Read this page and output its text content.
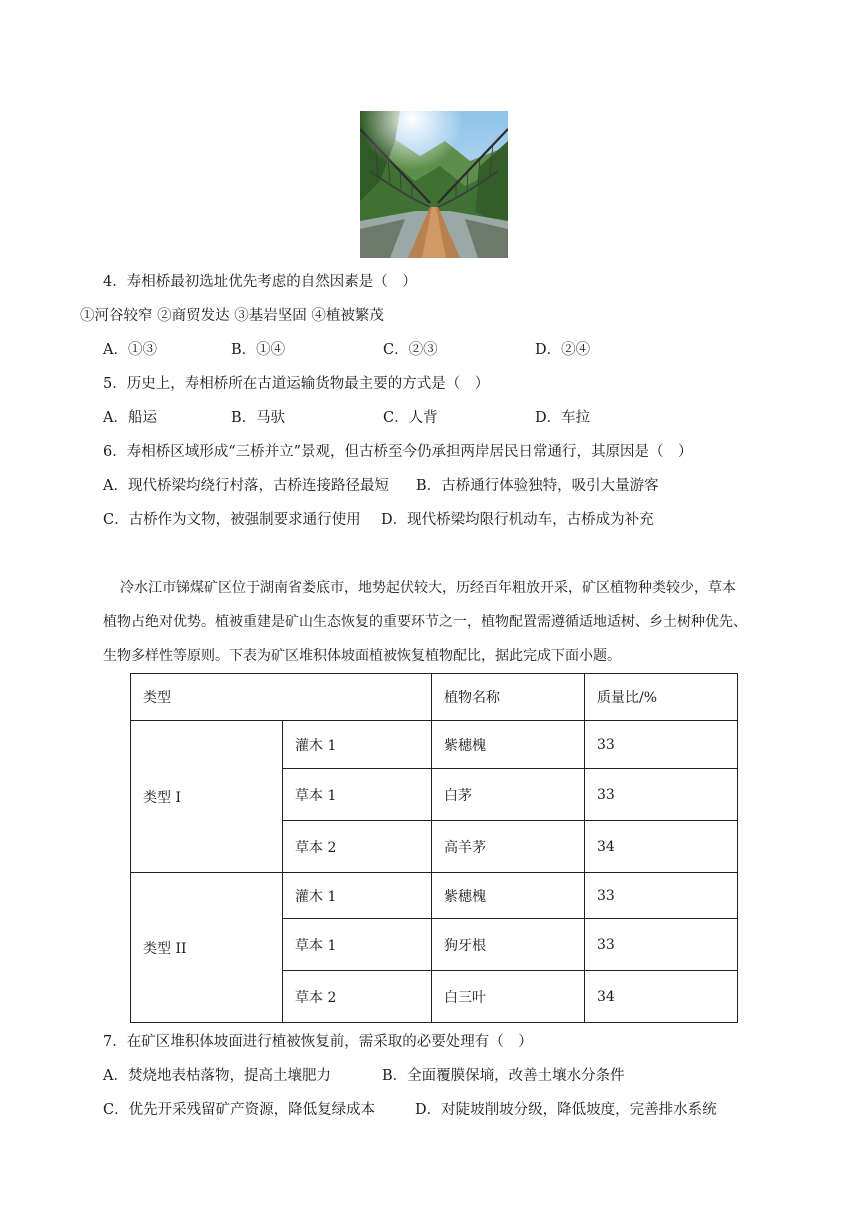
4．寿相桥最初选址优先考虑的自然因素是（　）
①河谷较窄 ②商贸发达 ③基岩坚固 ④植被繁茂
A．①③	B．①④	C．②③	D．②④
5．历史上，寿相桥所在古道运输货物最主要的方式是（　）
A．船运	B．马驮	C．人背	D．车拉
6．寿相桥区域形成“三桥并立”景观，但古桥至今仍承担两岸居民日常通行，其原因是（　）
A．现代桥梁均绕行村落，古桥连接路径最短 B．古桥通行体验独特，吸引大量游客
C．古桥作为文物，被强制要求通行使用 D．现代桥梁均限行机动车，古桥成为补充
冷水江市锑煤矿区位于湖南省娄底市，地势起伏较大，历经百年粗放开采，矿区植物种类较少，草本
植物占绝对优势。植被重建是矿山生态恢复的重要环节之一，植物配置需遵循适地适树、乡土树种优先、
生物多样性等原则。下表为矿区堆积体坡面植被恢复植物配比，据此完成下面小题。
类型		植物名称	质量比/%
类型 I	灌木 1	紫穗槐	33
	草本 1	白茅	33
	草本 2	高羊茅	34
类型 II	灌木 1	紫穗槐	33
	草本 1	狗牙根	33
	草本 2	白三叶	34
7．在矿区堆积体坡面进行植被恢复前，需采取的必要处理有（　）
A．焚烧地表枯落物，提高土壤肥力	B．全面覆膜保墒，改善土壤水分条件
C．优先开采残留矿产资源，降低复绿成本	D．对陡坡削坡分级，降低坡度，完善排水系统
